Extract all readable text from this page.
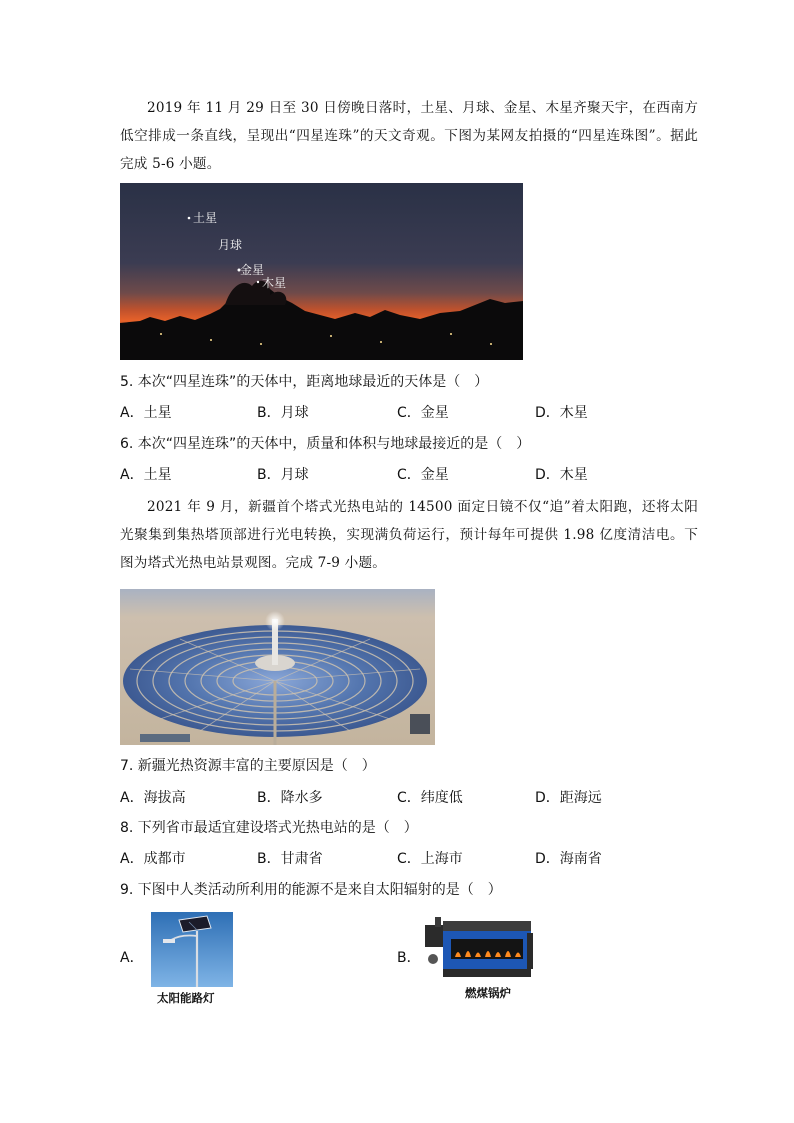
2019 年 11 月 29 日至 30 日傍晚日落时，土星、月球、金星、木星齐聚天宇，在西南方低空排成一条直线，呈现出“四星连珠”的天文奇观。下图为某网友拍摄的“四星连珠图”。据此完成 5-6 小题。

土星
月球
金星
木星

5. 本次“四星连珠”的天体中，距离地球最近的天体是（　）

A．土星	B．月球	C．金星	D．木星

6. 本次“四星连珠”的天体中，质量和体积与地球最接近的是（　）

A．土星	B．月球	C．金星	D．木星

2021 年 9 月，新疆首个塔式光热电站的 14500 面定日镜不仅“追”着太阳跑，还将太阳光聚集到集热塔顶部进行光电转换，实现满负荷运行，预计每年可提供 1.98 亿度清洁电。下图为塔式光热电站景观图。完成 7-9 小题。

7. 新疆光热资源丰富的主要原因是（　）

A．海拔高	B．降水多	C．纬度低	D．距海远

8. 下列省市最适宜建设塔式光热电站的是（　）

A．成都市	B．甘肃省	C．上海市	D．海南省

9. 下图中人类活动所利用的能源不是来自太阳辐射的是（　）

A．
太阳能路灯
B．
燃煤锅炉
